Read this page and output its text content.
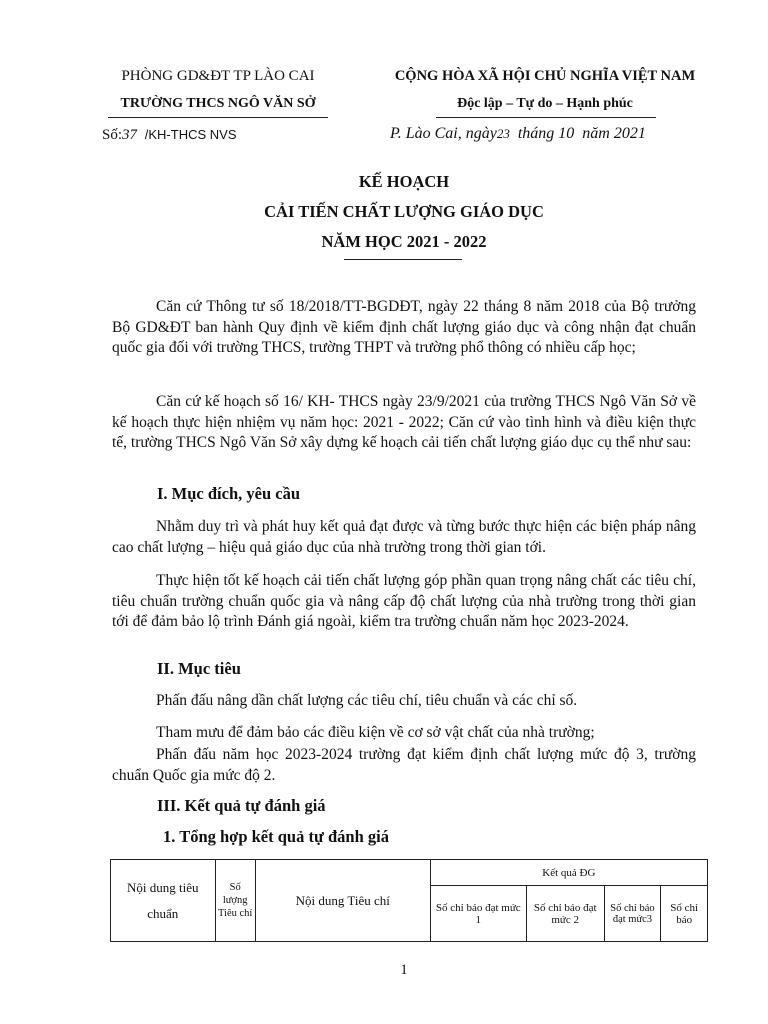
PHÒNG GD&ĐT TP LÀO CAI
TRƯỜNG THCS NGÔ VĂN SỞ
Số:37 /KH-THCS NVS
CỘNG HÒA XÃ HỘI CHỦ NGHĨA VIỆT NAM
Độc lập – Tự do – Hạnh phúc
P. Lào Cai, ngày23 tháng 10 năm 2021
KẾ HOẠCH
CẢI TIẾN CHẤT LƯỢNG GIÁO DỤC
NĂM HỌC 2021 - 2022
Căn cứ Thông tư số 18/2018/TT-BGDĐT, ngày 22 tháng 8 năm 2018 của Bộ trưởng Bộ GD&ĐT ban hành Quy định về kiểm định chất lượng giáo dục và công nhận đạt chuẩn quốc gia đối với trường THCS, trường THPT và trường phổ thông có nhiều cấp học;
Căn cứ kế hoạch số 16/ KH- THCS ngày 23/9/2021 của trường THCS Ngô Văn Sở về kế hoạch thực hiện nhiệm vụ năm học: 2021 - 2022; Căn cứ vào tình hình và điều kiện thực tế, trường THCS Ngô Văn Sở xây dựng kế hoạch cải tiến chất lượng giáo dục cụ thể như sau:
I. Mục đích, yêu cầu
Nhằm duy trì và phát huy kết quả đạt được và từng bước thực hiện các biện pháp nâng cao chất lượng – hiệu quả giáo dục của nhà trường trong thời gian tới.
Thực hiện tốt kế hoạch cải tiến chất lượng góp phần quan trọng nâng chất các tiêu chí, tiêu chuẩn trường chuẩn quốc gia và nâng cấp độ chất lượng của nhà trường trong thời gian tới để đảm bảo lộ trình Đánh giá ngoài, kiểm tra trường chuẩn năm học 2023-2024.
II. Mục tiêu
Phấn đấu nâng dần chất lượng các tiêu chí, tiêu chuẩn và các chỉ số.
Tham mưu để đảm bảo các điều kiện về cơ sở vật chất của nhà trường;
Phấn đấu năm học 2023-2024 trường đạt kiểm định chất lượng mức độ 3, trường chuẩn Quốc gia mức độ 2.
III. Kết quả tự đánh giá
1. Tổng hợp kết quả tự đánh giá
Nội dung tiêu chuẩn	Số lượng Tiêu chí	Nội dung Tiêu chí	Kết quả ĐG			
			Số chỉ báo đạt mức 1	Số chỉ báo đạt mức 2	Số chỉ báo đạt mức3	Số chỉ báo
1
